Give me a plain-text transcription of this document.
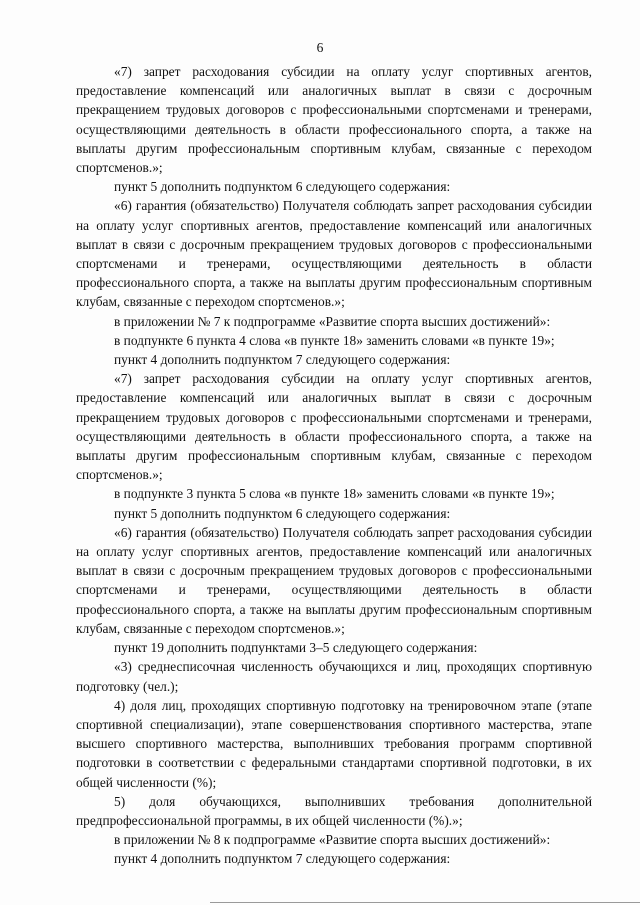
6

«7) запрет расходования субсидии на оплату услуг спортивных агентов, предоставление компенсаций или аналогичных выплат в связи с досрочным прекращением трудовых договоров с профессиональными спортсменами и тренерами, осуществляющими деятельность в области профессионального спорта, а также на выплаты другим профессиональным спортивным клубам, связанные с переходом спортсменов.»;

пункт 5 дополнить подпунктом 6 следующего содержания:

«6) гарантия (обязательство) Получателя соблюдать запрет расходования субсидии на оплату услуг спортивных агентов, предоставление компенсаций или аналогичных выплат в связи с досрочным прекращением трудовых договоров с профессиональными спортсменами и тренерами, осуществляющими деятельность в области профессионального спорта, а также на выплаты другим профессиональным спортивным клубам, связанные с переходом спортсменов.»;

в приложении № 7 к подпрограмме «Развитие спорта высших достижений»:

в подпункте 6 пункта 4 слова «в пункте 18» заменить словами «в пункте 19»;

пункт 4 дополнить подпунктом 7 следующего содержания:

«7) запрет расходования субсидии на оплату услуг спортивных агентов, предоставление компенсаций или аналогичных выплат в связи с досрочным прекращением трудовых договоров с профессиональными спортсменами и тренерами, осуществляющими деятельность в области профессионального спорта, а также на выплаты другим профессиональным спортивным клубам, связанные с переходом спортсменов.»;

в подпункте 3 пункта 5 слова «в пункте 18» заменить словами «в пункте 19»;

пункт 5 дополнить подпунктом 6 следующего содержания:

«6) гарантия (обязательство) Получателя соблюдать запрет расходования субсидии на оплату услуг спортивных агентов, предоставление компенсаций или аналогичных выплат в связи с досрочным прекращением трудовых договоров с профессиональными спортсменами и тренерами, осуществляющими деятельность в области профессионального спорта, а также на выплаты другим профессиональным спортивным клубам, связанные с переходом спортсменов.»;

пункт 19 дополнить подпунктами 3–5 следующего содержания:

«3) среднесписочная численность обучающихся и лиц, проходящих спортивную подготовку (чел.);

4) доля лиц, проходящих спортивную подготовку на тренировочном этапе (этапе спортивной специализации), этапе совершенствования спортивного мастерства, этапе высшего спортивного мастерства, выполнивших требования программ спортивной подготовки в соответствии с федеральными стандартами спортивной подготовки, в их общей численности (%);

5) доля обучающихся, выполнивших требования дополнительной предпрофессиональной программы, в их общей численности (%).»;

в приложении № 8 к подпрограмме «Развитие спорта высших достижений»:

пункт 4 дополнить подпунктом 7 следующего содержания:
